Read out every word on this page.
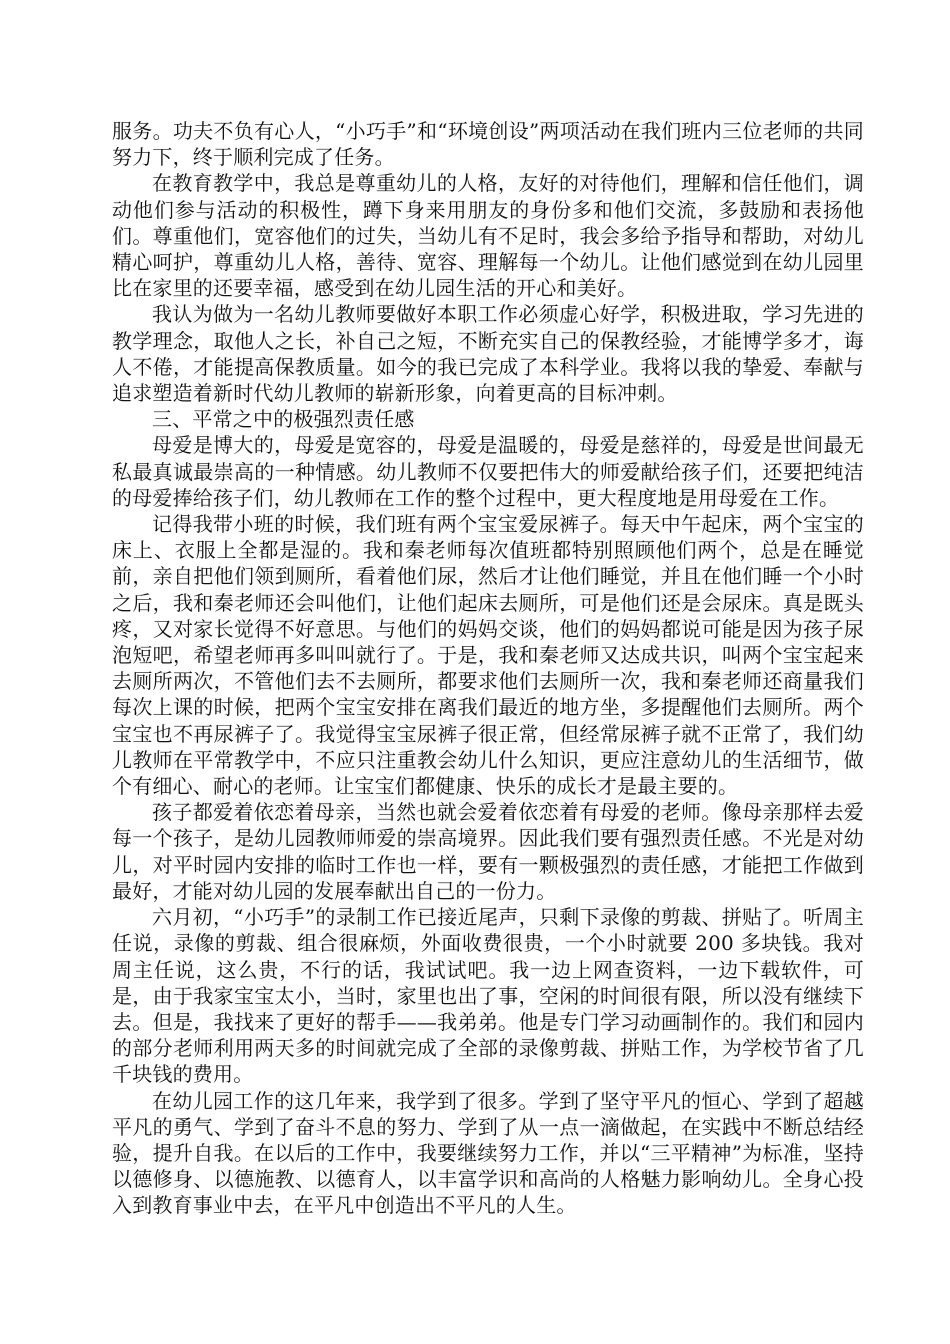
服务。功夫不负有心人，“小巧手”和“环境创设”两项活动在我们班内三位老师的共同努力下，终于顺利完成了任务。

在教育教学中，我总是尊重幼儿的人格，友好的对待他们，理解和信任他们，调动他们参与活动的积极性，蹲下身来用朋友的身份多和他们交流，多鼓励和表扬他们。尊重他们，宽容他们的过失，当幼儿有不足时，我会多给予指导和帮助，对幼儿精心呵护，尊重幼儿人格，善待、宽容、理解每一个幼儿。让他们感觉到在幼儿园里比在家里的还要幸福，感受到在幼儿园生活的开心和美好。

我认为做为一名幼儿教师要做好本职工作必须虚心好学，积极进取，学习先进的教学理念，取他人之长，补自己之短，不断充实自己的保教经验，才能博学多才，诲人不倦，才能提高保教质量。如今的我已完成了本科学业。我将以我的挚爱、奉献与追求塑造着新时代幼儿教师的崭新形象，向着更高的目标冲刺。

三、平常之中的极强烈责任感

母爱是博大的，母爱是宽容的，母爱是温暖的，母爱是慈祥的，母爱是世间最无私最真诚最崇高的一种情感。幼儿教师不仅要把伟大的师爱献给孩子们，还要把纯洁的母爱捧给孩子们，幼儿教师在工作的整个过程中，更大程度地是用母爱在工作。

记得我带小班的时候，我们班有两个宝宝爱尿裤子。每天中午起床，两个宝宝的床上、衣服上全都是湿的。我和秦老师每次值班都特别照顾他们两个，总是在睡觉前，亲自把他们领到厕所，看着他们尿，然后才让他们睡觉，并且在他们睡一个小时之后，我和秦老师还会叫他们，让他们起床去厕所，可是他们还是会尿床。真是既头疼，又对家长觉得不好意思。与他们的妈妈交谈，他们的妈妈都说可能是因为孩子尿泡短吧，希望老师再多叫叫就行了。于是，我和秦老师又达成共识，叫两个宝宝起来去厕所两次，不管他们去不去厕所，都要求他们去厕所一次，我和秦老师还商量我们每次上课的时候，把两个宝宝安排在离我们最近的地方坐，多提醒他们去厕所。两个宝宝也不再尿裤子了。我觉得宝宝尿裤子很正常，但经常尿裤子就不正常了，我们幼儿教师在平常教学中，不应只注重教会幼儿什么知识，更应注意幼儿的生活细节，做个有细心、耐心的老师。让宝宝们都健康、快乐的成长才是最主要的。

孩子都爱着依恋着母亲，当然也就会爱着依恋着有母爱的老师。像母亲那样去爱每一个孩子，是幼儿园教师师爱的崇高境界。因此我们要有强烈责任感。不光是对幼儿，对平时园内安排的临时工作也一样，要有一颗极强烈的责任感，才能把工作做到最好，才能对幼儿园的发展奉献出自己的一份力。

六月初，“小巧手”的录制工作已接近尾声，只剩下录像的剪裁、拼贴了。听周主任说，录像的剪裁、组合很麻烦，外面收费很贵，一个小时就要 200 多块钱。我对周主任说，这么贵，不行的话，我试试吧。我一边上网查资料，一边下载软件，可是，由于我家宝宝太小，当时，家里也出了事，空闲的时间很有限，所以没有继续下去。但是，我找来了更好的帮手——我弟弟。他是专门学习动画制作的。我们和园内的部分老师利用两天多的时间就完成了全部的录像剪裁、拼贴工作，为学校节省了几千块钱的费用。

在幼儿园工作的这几年来，我学到了很多。学到了坚守平凡的恒心、学到了超越平凡的勇气、学到了奋斗不息的努力、学到了从一点一滴做起，在实践中不断总结经验，提升自我。在以后的工作中，我要继续努力工作，并以“三平精神”为标准，坚持以德修身、以德施教、以德育人，以丰富学识和高尚的人格魅力影响幼儿。全身心投入到教育事业中去，在平凡中创造出不平凡的人生。
